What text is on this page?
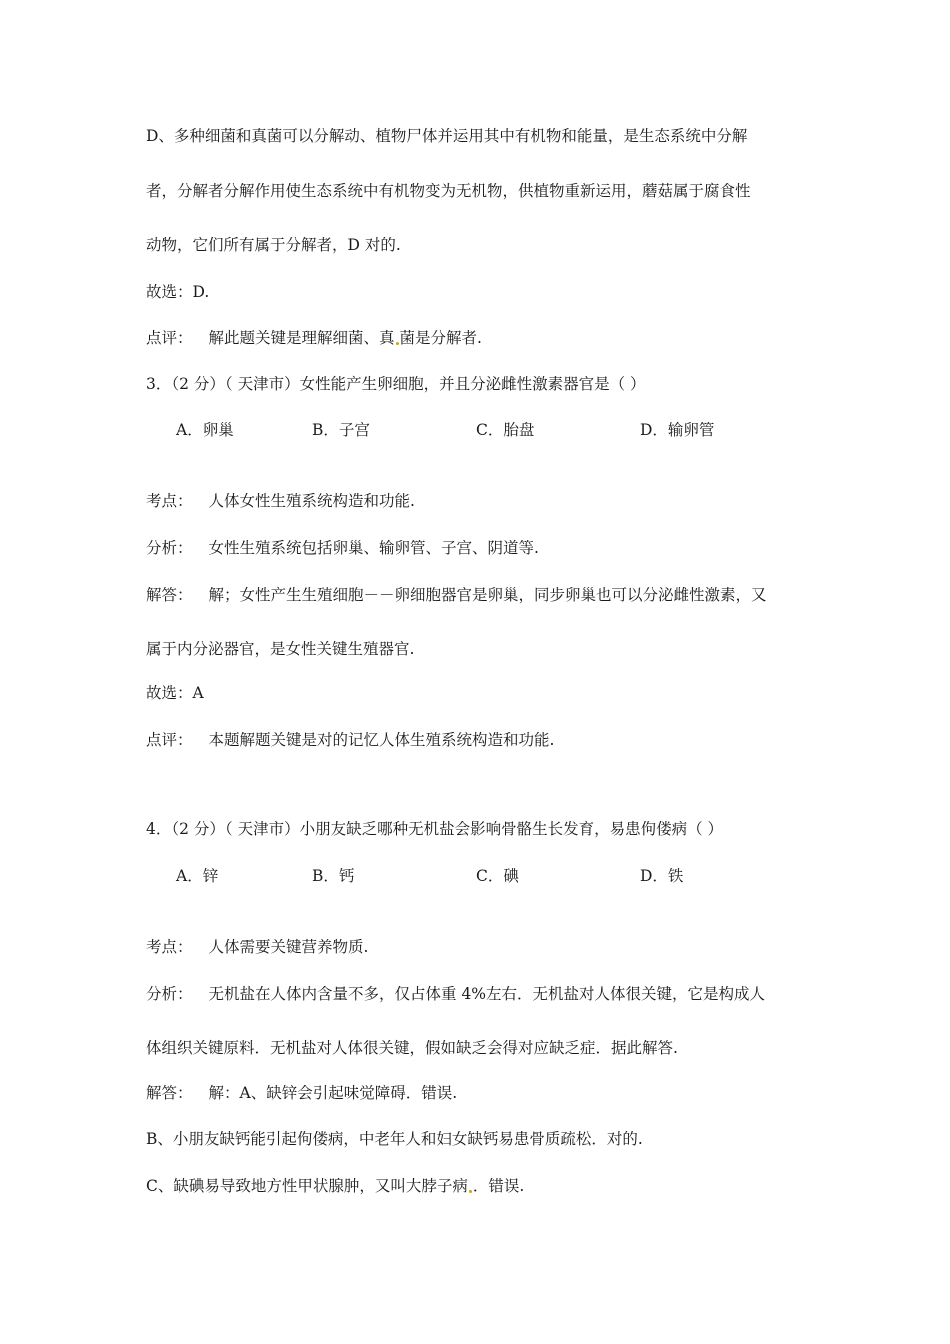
D、多种细菌和真菌可以分解动、植物尸体并运用其中有机物和能量，是生态系统中分解
者，分解者分解作用使生态系统中有机物变为无机物，供植物重新运用，蘑菇属于腐食性
动物，它们所有属于分解者，D 对的.
故选：D.
点评： 解此题关键是理解细菌、真 菌是分解者.
3．（2 分）（ 天津市）女性能产生卵细胞，并且分泌雌性激素器官是（ ）
A．卵巢	B．子宫	C．胎盘	D．输卵管
考点： 人体女性生殖系统构造和功能.
分析： 女性生殖系统包括卵巢、输卵管、子宫、阴道等.
解答： 解；女性产生生殖细胞－－卵细胞器官是卵巢，同步卵巢也可以分泌雌性激素，又
属于内分泌器官，是女性关键生殖器官.
故选：A
点评： 本题解题关键是对的记忆人体生殖系统构造和功能.
4．（2 分）（ 天津市）小朋友缺乏哪种无机盐会影响骨骼生长发育，易患佝偻病（ ）
A．锌	B．钙	C．碘	D．铁
考点： 人体需要关键营养物质.
分析： 无机盐在人体内含量不多，仅占体重 4%左右．无机盐对人体很关键，它是构成人
体组织关键原料．无机盐对人体很关键，假如缺乏会得对应缺乏症．据此解答.
解答： 解：A、缺锌会引起味觉障碍．错误.
B、小朋友缺钙能引起佝偻病，中老年人和妇女缺钙易患骨质疏松．对的.
C、缺碘易导致地方性甲状腺肿，又叫大脖子病 ．错误.
